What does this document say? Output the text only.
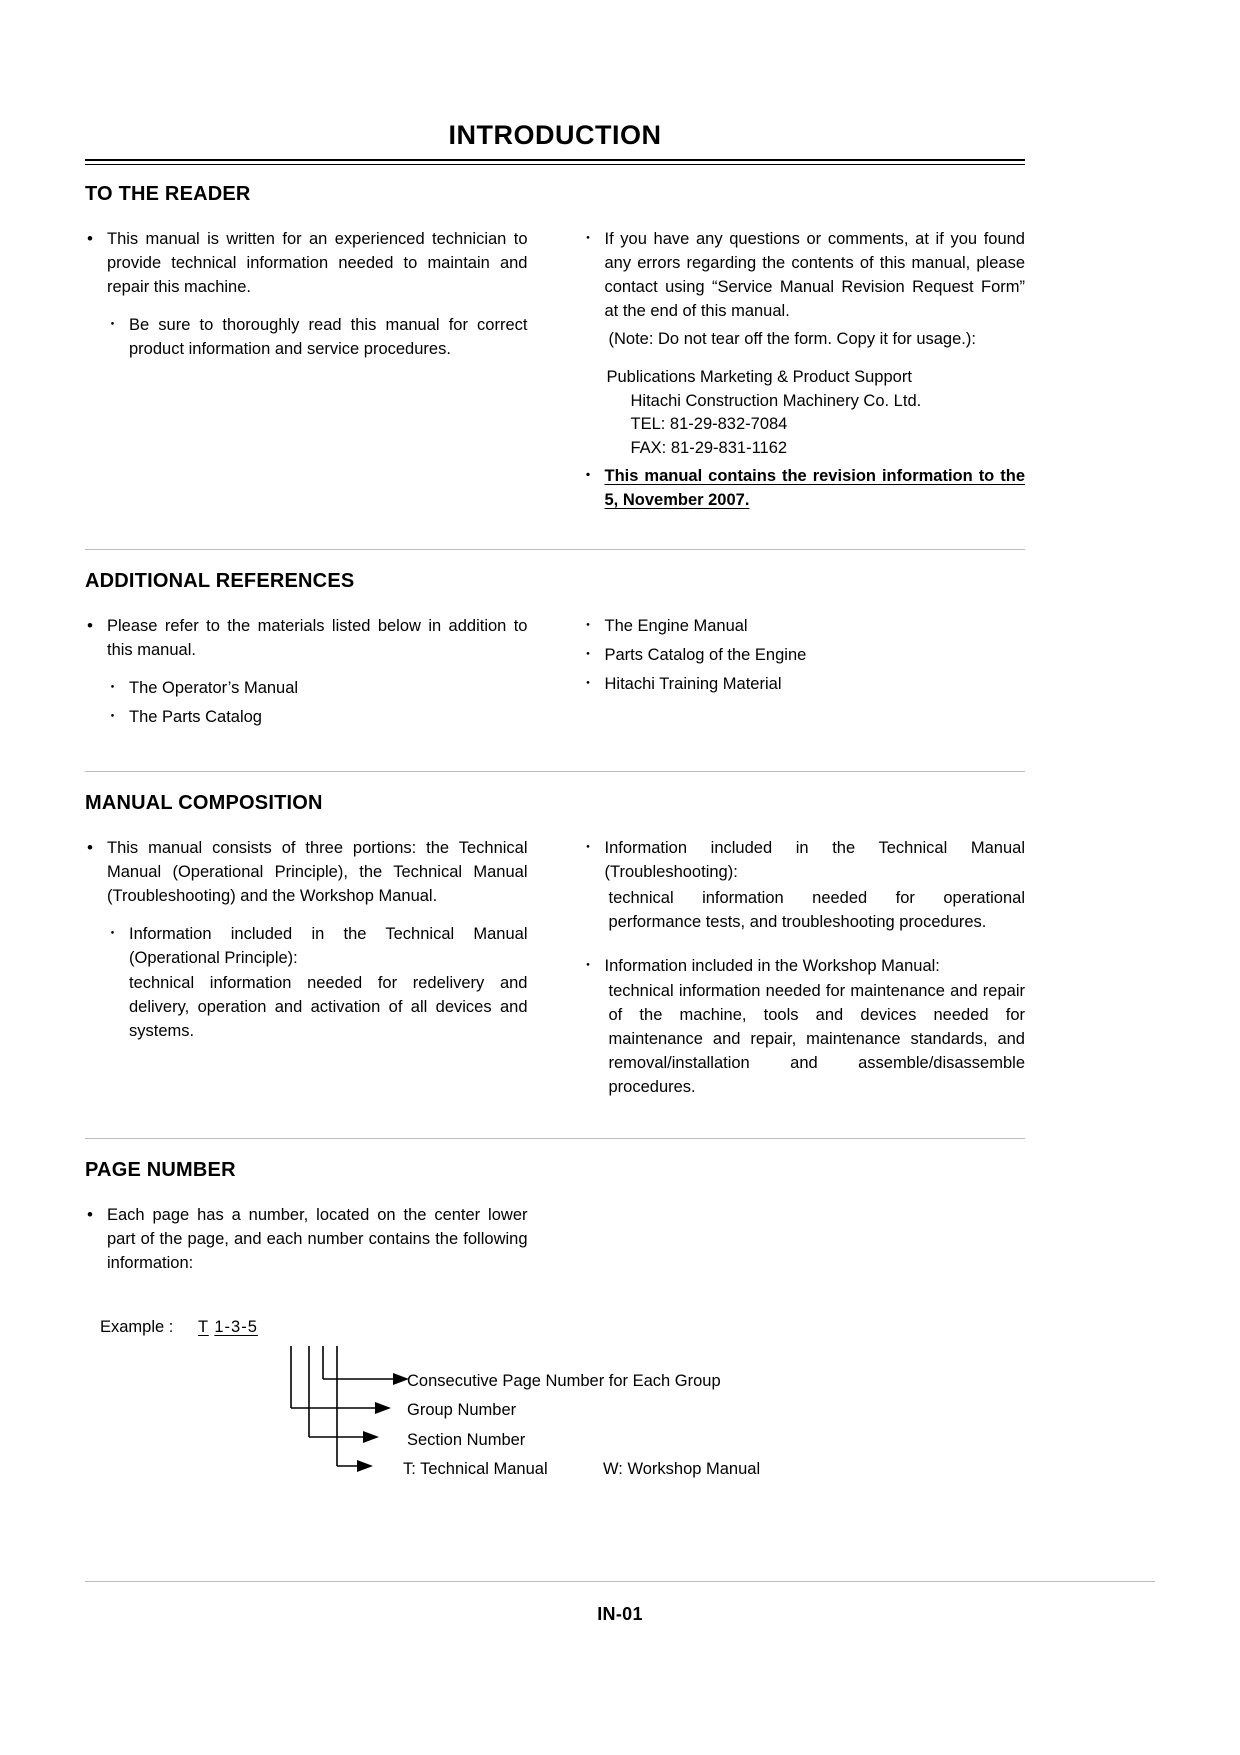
INTRODUCTION
TO THE READER
• This manual is written for an experienced technician to provide technical information needed to maintain and repair this machine.
・ Be sure to thoroughly read this manual for correct product information and service procedures.
・ If you have any questions or comments, at if you found any errors regarding the contents of this manual, please contact using “Service Manual Revision Request Form” at the end of this manual.
(Note: Do not tear off the form. Copy it for usage.):
Publications Marketing & Product Support
Hitachi Construction Machinery Co. Ltd.
TEL: 81-29-832-7084
FAX: 81-29-831-1162
・ This manual contains the revision information to the 5, November 2007.
ADDITIONAL REFERENCES
• Please refer to the materials listed below in addition to this manual.
・ The Operator’s Manual
・ The Parts Catalog
・ The Engine Manual
・ Parts Catalog of the Engine
・ Hitachi Training Material
MANUAL COMPOSITION
• This manual consists of three portions: the Technical Manual (Operational Principle), the Technical Manual (Troubleshooting) and the Workshop Manual.
・ Information included in the Technical Manual (Operational Principle):
technical information needed for redelivery and delivery, operation and activation of all devices and systems.
・ Information included in the Technical Manual (Troubleshooting):
technical information needed for operational performance tests, and troubleshooting procedures.
・ Information included in the Workshop Manual:
technical information needed for maintenance and repair of the machine, tools and devices needed for maintenance and repair, maintenance standards, and removal/installation and assemble/disassemble procedures.
PAGE NUMBER
• Each page has a number, located on the center lower part of the page, and each number contains the following information:
Example : T 1-3-5
Consecutive Page Number for Each Group
Group Number
Section Number
T: Technical Manual	W: Workshop Manual
IN-01
